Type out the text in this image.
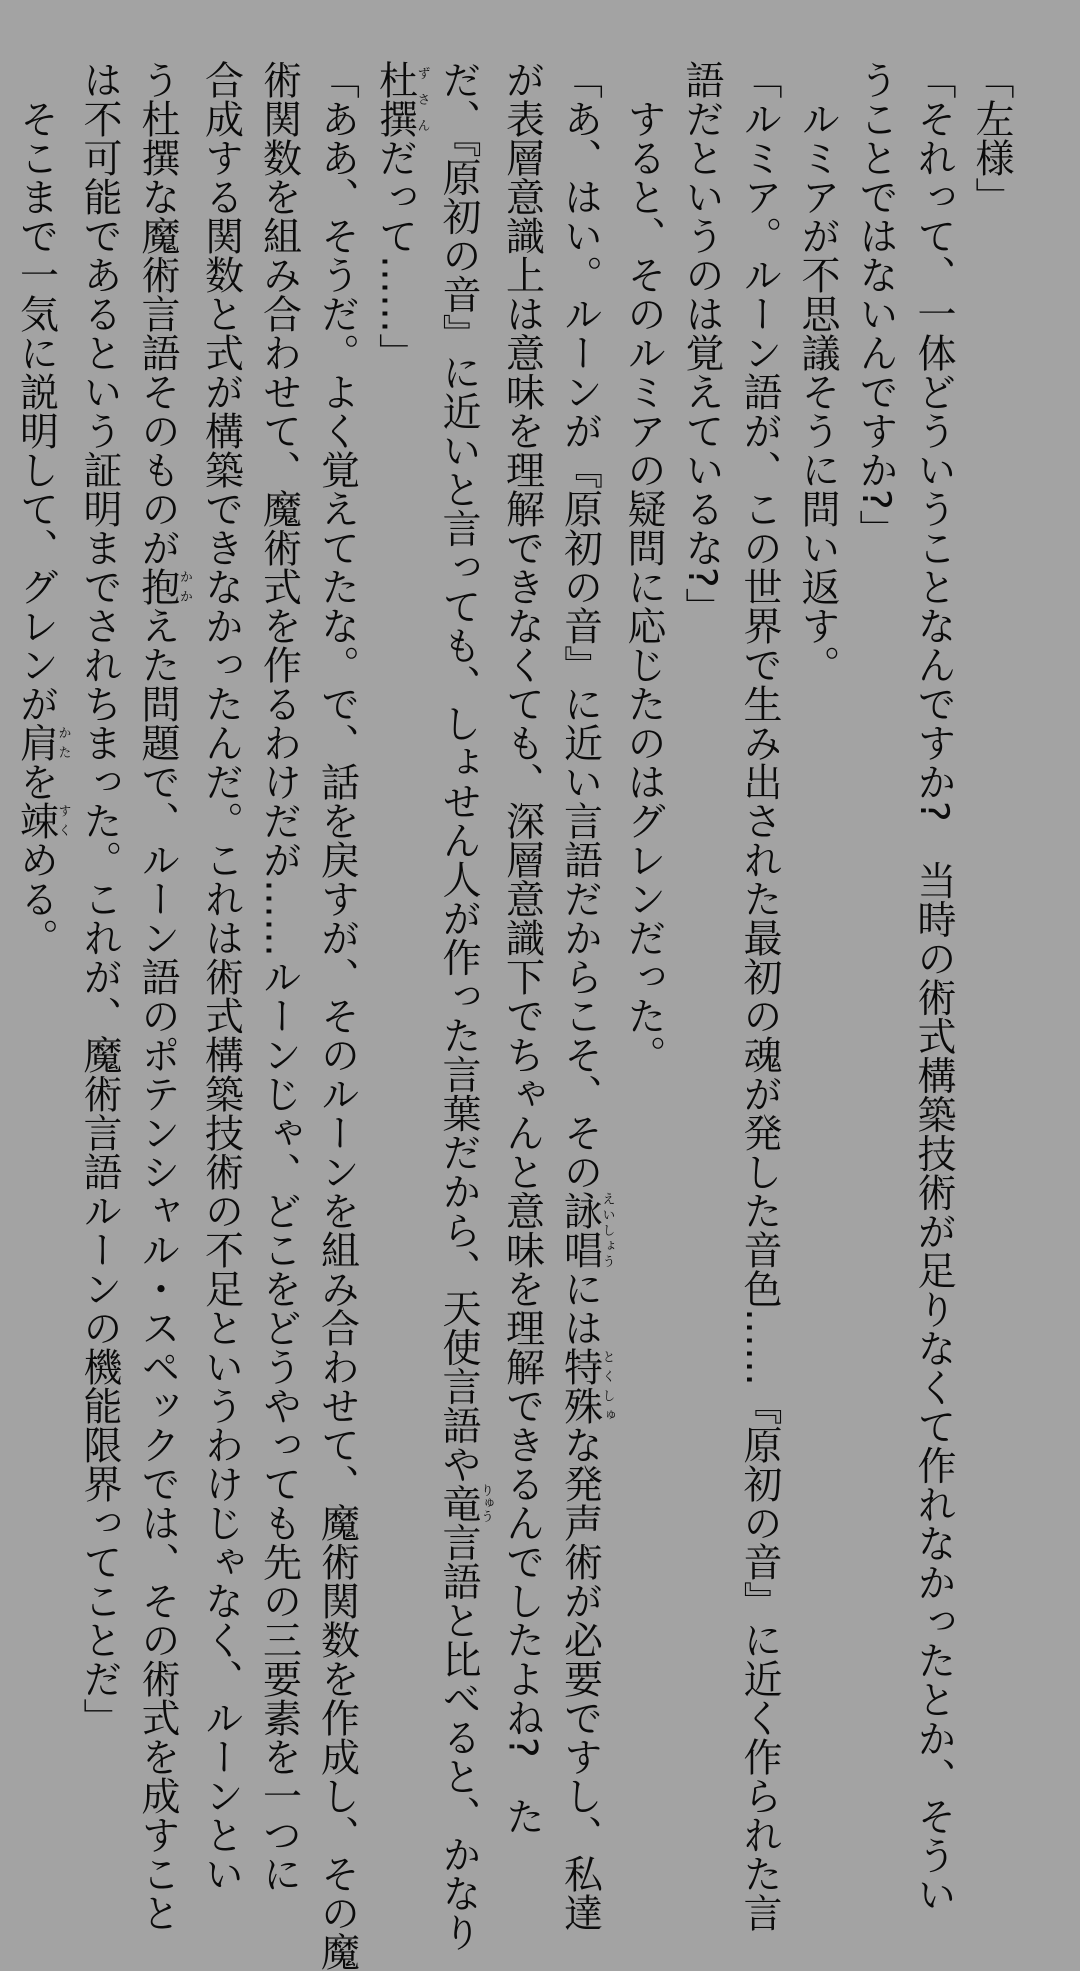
「左様」
「それって、一体どういうことなんですか?　当時の術式構築技術が足りなくて作れなかったとか、そうい
うことではないんですか?」
ルミアが不思議そうに問い返す。
「ルミア。ルーン語が、この世界で生み出された最初の魂が発した音色……『原初の音』に近く作られた言
語だというのは覚えているな?」
すると、そのルミアの疑問に応じたのはグレンだった。
「あ、はい。ルーンが『原初の音』に近い言語だからこそ、その詠唱えいしょうには特殊とくしゅな発声術が必要ですし、私達
が表層意識上は意味を理解できなくても、深層意識下でちゃんと意味を理解できるんでしたよね?　た
だ、『原初の音』に近いと言っても、しょせん人が作った言葉だから、天使言語や竜りゅう言語と比べると、かなり
杜撰ずさんだって……」
「ああ、そうだ。よく覚えてたな。で、話を戻すが、そのルーンを組み合わせて、魔術関数を作成し、その魔
術関数を組み合わせて、魔術式を作るわけだが……ルーンじゃ、どこをどうやっても先の三要素を一つに
合成する関数と式が構築できなかったんだ。これは術式構築技術の不足というわけじゃなく、ルーンとい
う杜撰な魔術言語そのものが抱かかえた問題で、ルーン語のポテンシャル・スペックでは、その術式を成すこと
は不可能であるという証明までされちまった。これが、魔術言語ルーンの機能限界ってことだ」
そこまで一気に説明して、グレンが肩かたを竦すくめる。
